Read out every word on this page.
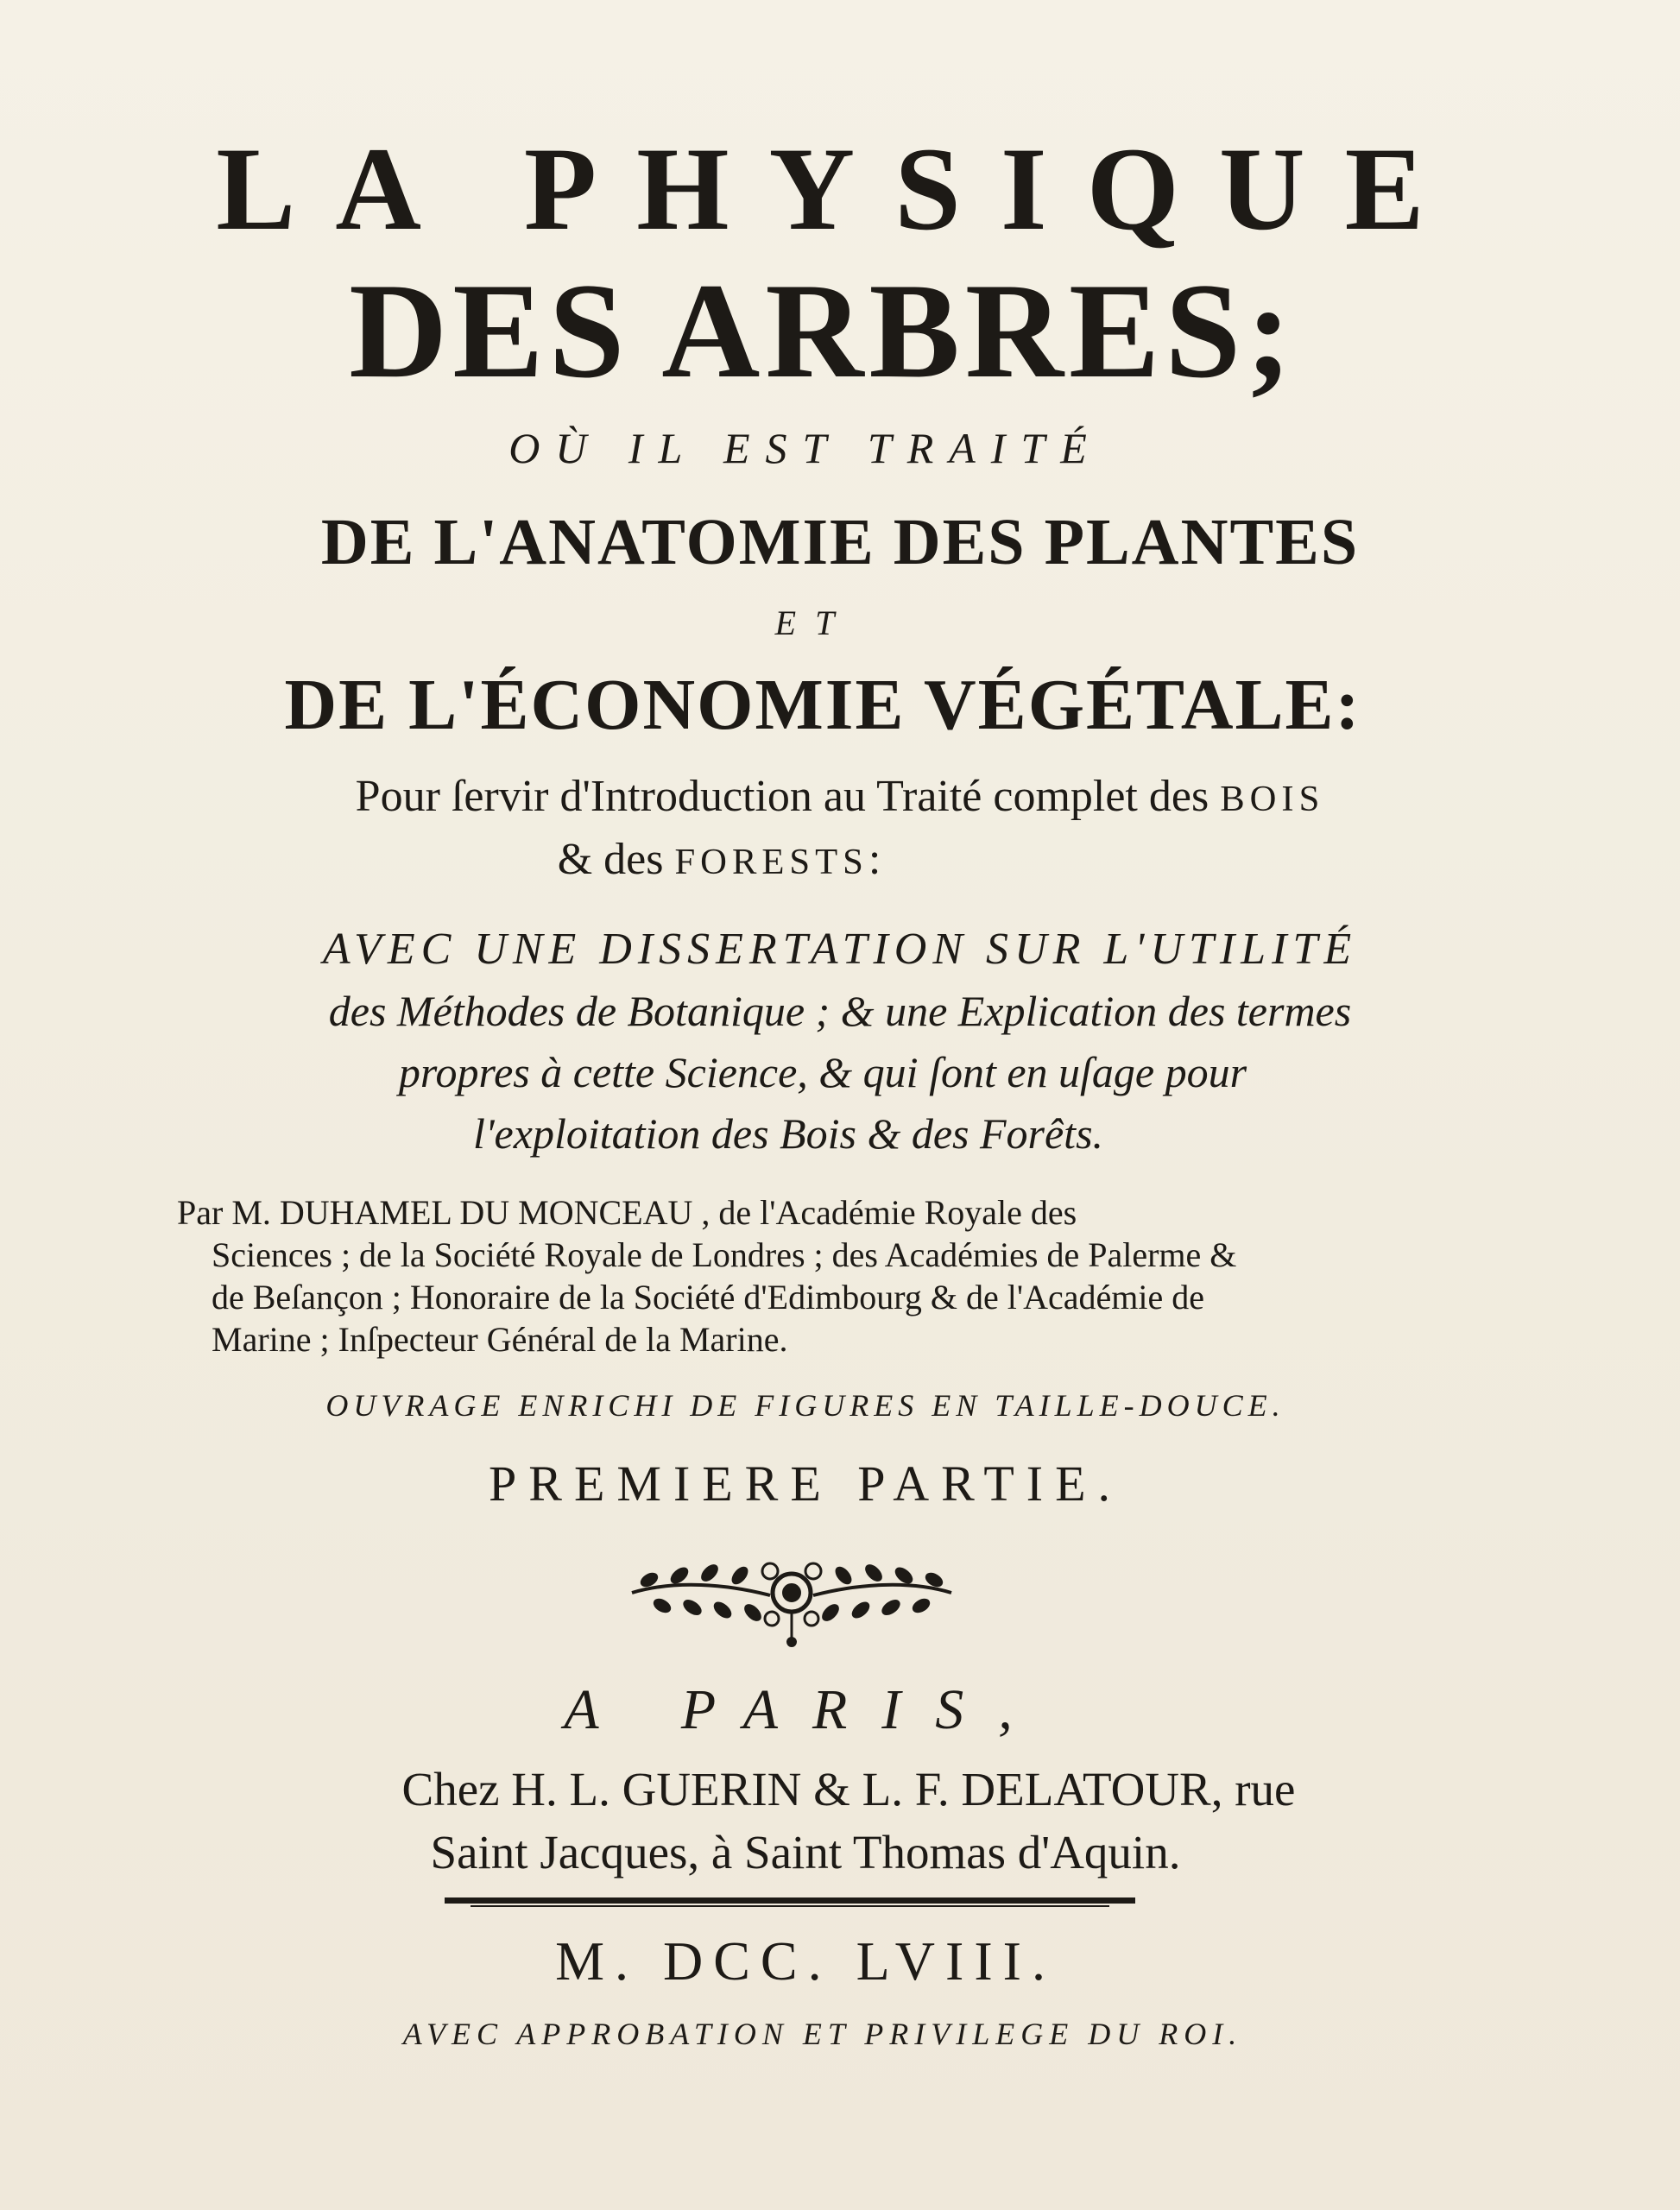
LA PHYSIQUE
DES ARBRES;
OÙ IL EST TRAITÉ
DE L'ANATOMIE DES PLANTES
ET
DE L'ÉCONOMIE VÉGÉTALE:
Pour ſervir d'Introduction au Traité complet des BOIS
& des FORESTS:
AVEC UNE DISSERTATION SUR L'UTILITÉ
des Méthodes de Botanique ; & une Explication des termes
propres à cette Science, & qui ſont en uſage pour
l'exploitation des Bois & des Forêts.
Par M. DUHAMEL DU MONCEAU , de l'Académie Royale des
Sciences ; de la Société Royale de Londres ; des Académies de Palerme &
de Beſançon ; Honoraire de la Société d'Edimbourg & de l'Académie de
Marine ; Inſpecteur Général de la Marine.
OUVRAGE ENRICHI DE FIGURES EN TAILLE-DOUCE.
PREMIERE PARTIE.
A PARIS,
Chez H. L. GUERIN & L. F. DELATOUR, rue
Saint Jacques, à Saint Thomas d'Aquin.
M. DCC. LVIII.
AVEC APPROBATION ET PRIVILEGE DU ROI.
